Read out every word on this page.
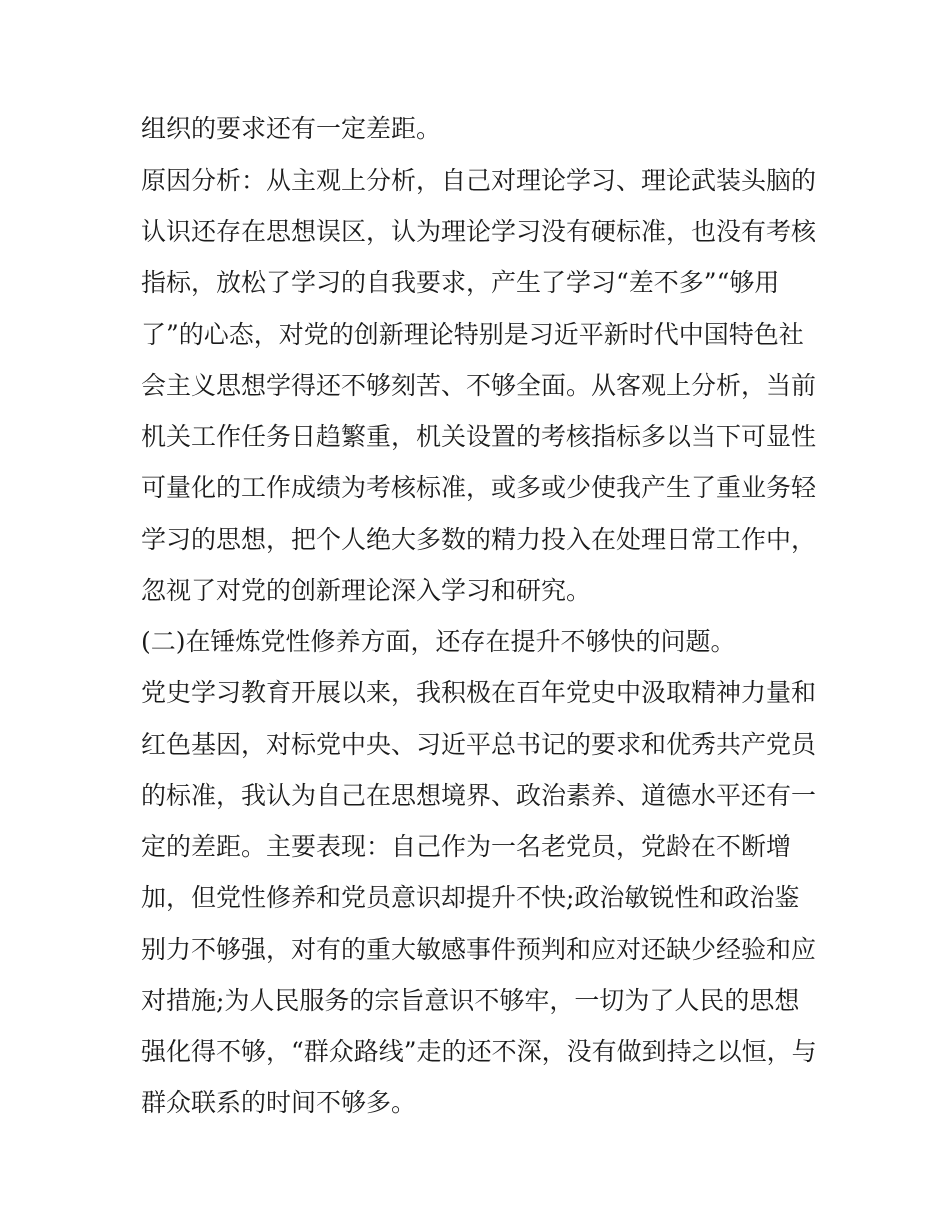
组织的要求还有一定差距。
原因分析：从主观上分析，自己对理论学习、理论武装头脑的
认识还存在思想误区，认为理论学习没有硬标准，也没有考核
指标，放松了学习的自我要求，产生了学习“差不多”“够用
了”的心态，对党的创新理论特别是习近平新时代中国特色社
会主义思想学得还不够刻苦、不够全面。从客观上分析，当前
机关工作任务日趋繁重，机关设置的考核指标多以当下可显性
可量化的工作成绩为考核标准，或多或少使我产生了重业务轻
学习的思想，把个人绝大多数的精力投入在处理日常工作中，
忽视了对党的创新理论深入学习和研究。
(二)在锤炼党性修养方面，还存在提升不够快的问题。
党史学习教育开展以来，我积极在百年党史中汲取精神力量和
红色基因，对标党中央、习近平总书记的要求和优秀共产党员
的标准，我认为自己在思想境界、政治素养、道德水平还有一
定的差距。主要表现：自己作为一名老党员，党龄在不断增
加，但党性修养和党员意识却提升不快;政治敏锐性和政治鉴
别力不够强，对有的重大敏感事件预判和应对还缺少经验和应
对措施;为人民服务的宗旨意识不够牢，一切为了人民的思想
强化得不够，“群众路线”走的还不深，没有做到持之以恒，与
群众联系的时间不够多。
